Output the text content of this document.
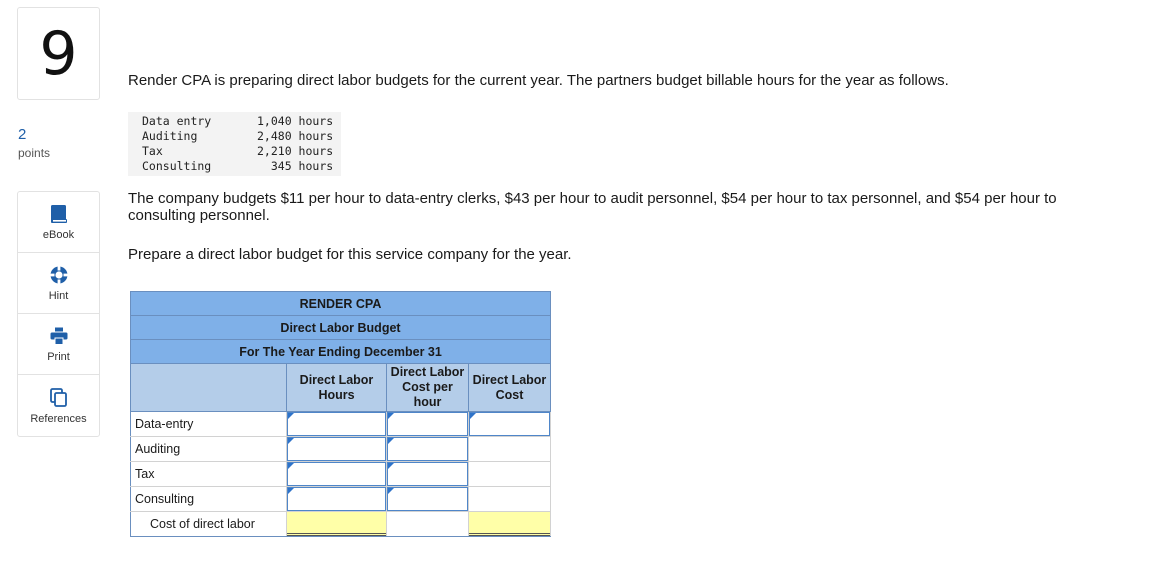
9
2
points
eBook
Hint
Print
References
Render CPA is preparing direct labor budgets for the current year. The partners budget billable hours for the year as follows.
Data entry	1,040 hours
Auditing	2,480 hours
Tax	2,210 hours
Consulting	345 hours
The company budgets $11 per hour to data-entry clerks, $43 per hour to audit personnel, $54 per hour to tax personnel, and $54 per hour to consulting personnel.
Prepare a direct labor budget for this service company for the year.
RENDER CPA			
Direct Labor Budget			
For The Year Ending December 31			
	Direct Labor Hours	Direct Labor Cost per hour	Direct Labor Cost
Data-entry	

Auditing	

Tax	

Consulting	

Cost of direct labor	
